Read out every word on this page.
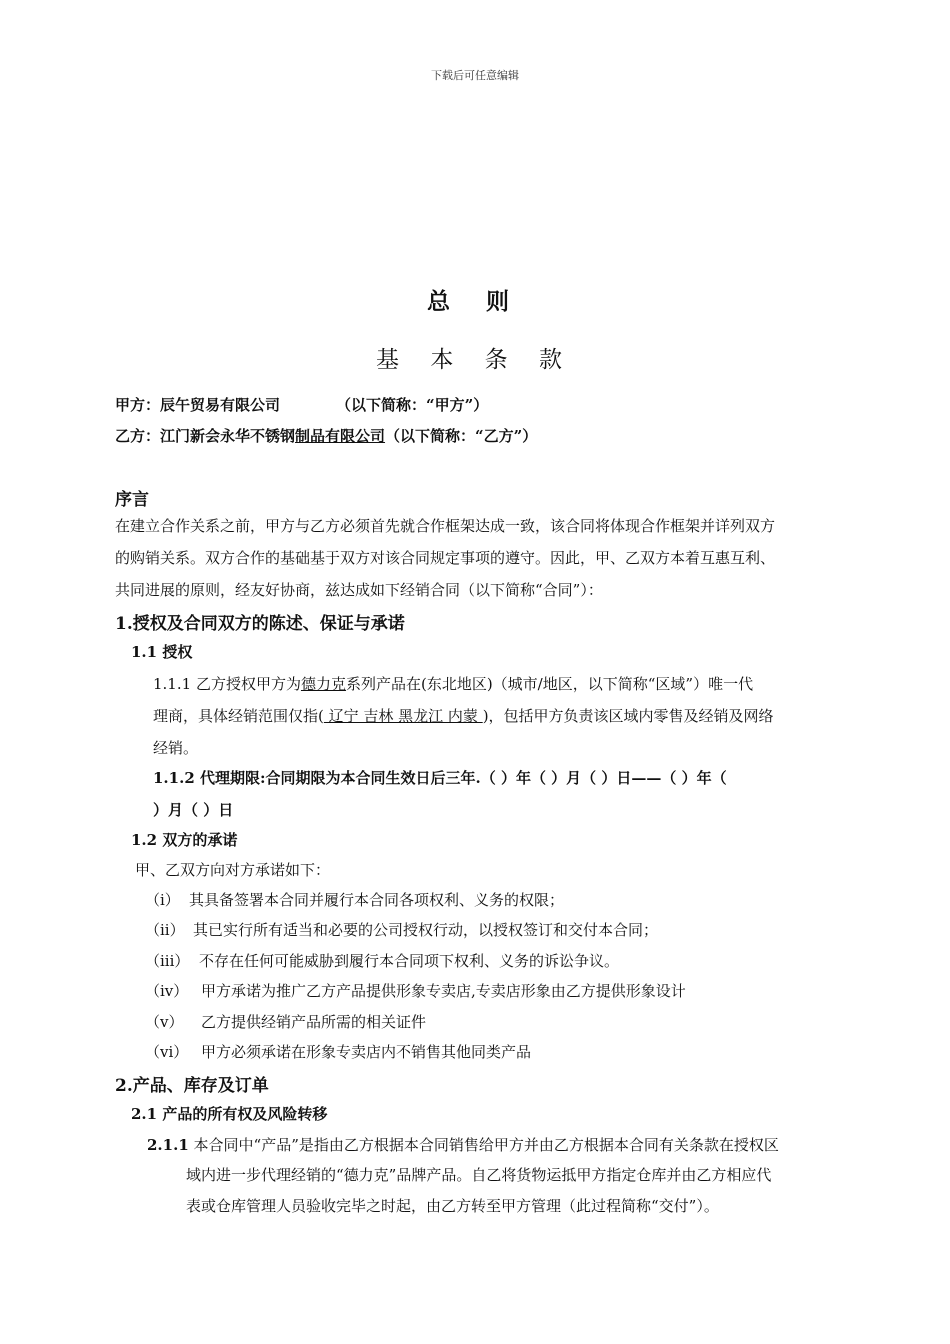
下载后可任意编辑
总 则
基 本 条 款
甲方：辰午贸易有限公司	（以下简称：“甲方”）
乙方：江门新会永华不锈钢制品有限公司（以下简称：“乙方”）
序言
在建立合作关系之前，甲方与乙方必须首先就合作框架达成一致，该合同将体现合作框架并详列双方
的购销关系。双方合作的基础基于双方对该合同规定事项的遵守。因此，甲、乙双方本着互惠互利、
共同进展的原则，经友好协商，兹达成如下经销合同（以下简称“合同”）：
1.授权及合同双方的陈述、保证与承诺
1.1 授权
1.1.1 乙方授权甲方为德力克系列产品在(东北地区)（城市/地区，以下简称“区域”）唯一代
理商，具体经销范围仅指( 辽宁 吉林 黑龙江 内蒙 )，包括甲方负责该区域内零售及经销及网络
经销。
1.1.2 代理期限:合同期限为本合同生效日后三年.（ ）年（ ）月（ ）日——（ ）年（
）月（ ）日
1.2 双方的承诺
甲、乙双方向对方承诺如下：
（i） 其具备签署本合同并履行本合同各项权利、义务的权限；
（ii） 其已实行所有适当和必要的公司授权行动，以授权签订和交付本合同；
（iii） 不存在任何可能威胁到履行本合同项下权利、义务的诉讼争议。
（iv） 甲方承诺为推广乙方产品提供形象专卖店,专卖店形象由乙方提供形象设计
（v） 乙方提供经销产品所需的相关证件
（vi） 甲方必须承诺在形象专卖店内不销售其他同类产品
2.产品、库存及订单
2.1 产品的所有权及风险转移
2.1.1 本合同中“产品”是指由乙方根据本合同销售给甲方并由乙方根据本合同有关条款在授权区
域内进一步代理经销的“德力克”品牌产品。自乙将货物运抵甲方指定仓库并由乙方相应代
表或仓库管理人员验收完毕之时起，由乙方转至甲方管理（此过程简称“交付”）。
